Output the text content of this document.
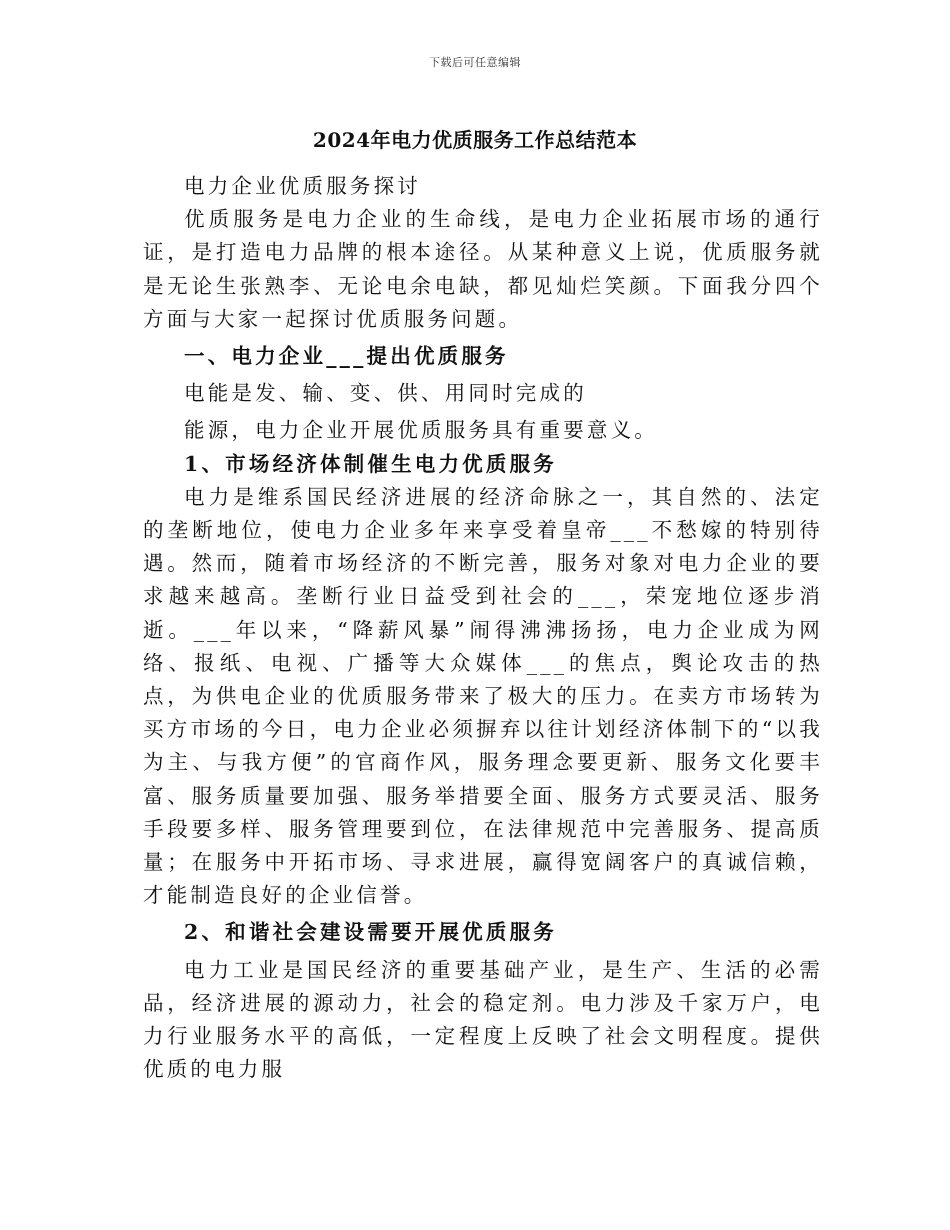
下载后可任意编辑
2024年电力优质服务工作总结范本

电力企业优质服务探讨

优质服务是电力企业的生命线，是电力企业拓展市场的通行证，是打造电力品牌的根本途径。从某种意义上说，优质服务就是无论生张熟李、无论电余电缺，都见灿烂笑颜。下面我分四个方面与大家一起探讨优质服务问题。

一、电力企业___提出优质服务

电能是发、输、变、供、用同时完成的

能源，电力企业开展优质服务具有重要意义。

1、市场经济体制催生电力优质服务

电力是维系国民经济进展的经济命脉之一，其自然的、法定的垄断地位，使电力企业多年来享受着皇帝___不愁嫁的特别待遇。然而，随着市场经济的不断完善，服务对象对电力企业的要求越来越高。垄断行业日益受到社会的___，荣宠地位逐步消逝。___年以来，“降薪风暴”闹得沸沸扬扬，电力企业成为网络、报纸、电视、广播等大众媒体___的焦点，舆论攻击的热点，为供电企业的优质服务带来了极大的压力。在卖方市场转为买方市场的今日，电力企业必须摒弃以往计划经济体制下的“以我为主、与我方便”的官商作风，服务理念要更新、服务文化要丰富、服务质量要加强、服务举措要全面、服务方式要灵活、服务手段要多样、服务管理要到位，在法律规范中完善服务、提高质量；在服务中开拓市场、寻求进展，赢得宽阔客户的真诚信赖，才能制造良好的企业信誉。

2、和谐社会建设需要开展优质服务

电力工业是国民经济的重要基础产业，是生产、生活的必需品，经济进展的源动力，社会的稳定剂。电力涉及千家万户，电力行业服务水平的高低，一定程度上反映了社会文明程度。提供优质的电力服
